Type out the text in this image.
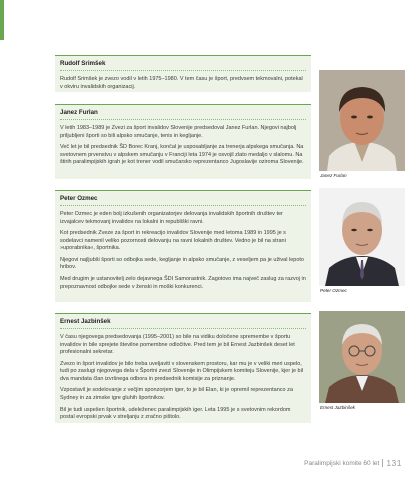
Rudolf Srimšek

Rudolf Srimšek je zvezo vodil v letih 1975–1980. V tem času je šport, predvsem tekmovalni, potekal v okviru invalidskih organizacij.

Janez Furlan

V letih 1983–1989 je Zvezi za šport invalidov Slovenije predsedoval Janez Furlan. Njegovi najbolj priljubljeni športi so bili alpsko smučanje, tenis in kegljanje.

Več let je bil predsednik ŠD Borec Kranj, končal je usposabljanje za trenerja alpskega smučanja. Na svetovnem prvenstvu v alpskem smučanju v Franciji leta 1974 je osvojil zlato medaljo v slalomu. Na štirih paralimpijskih igrah je kot trener vodil smučarsko reprezentanco Jugoslavije oziroma Slovenije.

Janez Furlan
Peter Ozmec

Peter Ozmec je eden bolj izkušenih organizatorjev delovanja invalidskih športnih društev ter izvajalcev tekmovanj invalidov na lokalni in republiški ravni.

Kot predsednik Zveze za šport in rekreacijo invalidov Slovenije med letoma 1989 in 1995 je s sodelavci namenil veliko pozornosti delovanju na ravni lokalnih društev. Vedno je bil na strani »uporabnika«, športnika.

Njegovi najljubši športi so odbojka sede, kegljanje in alpsko smučanje, z veseljem pa je užival lepoto hribov.

Med drugim je ustanovitelj zelo dejavnega ŠDI Samorastnik. Zagotovo ima največ zaslug za razvoj in prepoznavnost odbojke sede v ženski in moški konkurenci.

Peter Ozmec
Ernest Jazbinšek

V času njegovega predsedovanja (1995–2001) so bile na vidiku določene spremembe v športu invalidov in bile sprejete številne pomembne odločitve. Pred tem je bil Ernest Jazbinšek deset let profesionalni sekretar.

Zvezo in šport invalidov je bilo treba uveljaviti v slovenskem prostoru, kar mu je v veliki meri uspelo, tudi po zaslugi njegovega dela v Športni zvezi Slovenije in Olimpijskem komiteju Slovenije, kjer je bil dva mandata član izvršnega odbora in predsednik komisije za priznanje.

Vzpostavil je sodelovanje z večjim sponzorjem iger, to je bil Elan, ki je opremil reprezentanco za Sydney in za zimske igre gluhih športnikov.

Bil je tudi uspešen športnik, udeleženec paralimpijskih iger. Leta 1995 je s svetovnim rekordom postal evropski prvak v streljanju z zračno pištolo.

Ernest Jazbinšek
Paralimpijski komite 60 let 131
